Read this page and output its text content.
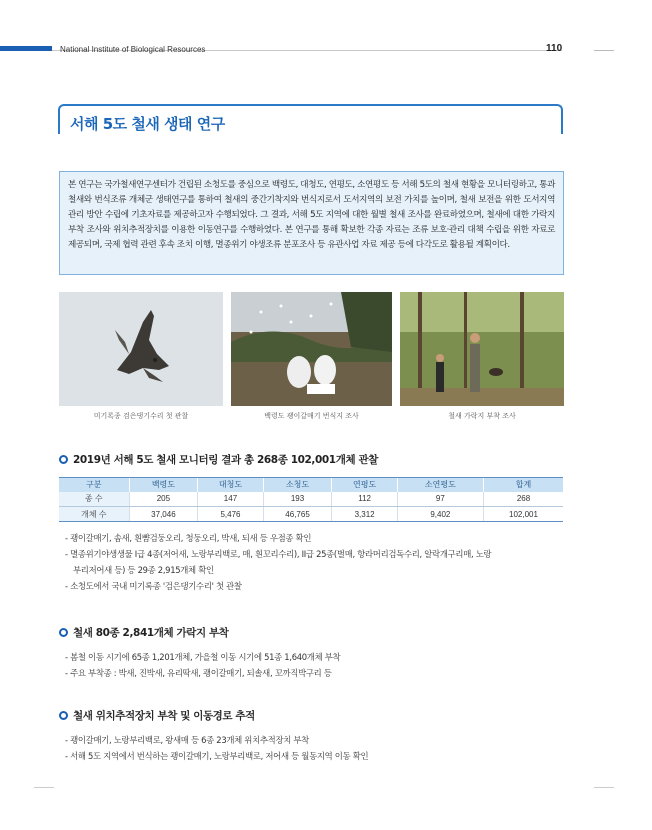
National Institute of Biological Resources	110
서해 5도 철새 생태 연구
본 연구는 국가철새연구센터가 건립된 소청도를 중심으로 백령도, 대청도, 연평도, 소연평도 등 서해 5도의 철새 현황을 모니터링하고, 통과철새와 번식조류 개체군 생태연구를 통하여 철새의 중간기착지와 번식지로서 도서지역의 보전 가치를 높이며, 철새 보전을 위한 도서지역 관리 방안 수립에 기초자료를 제공하고자 수행되었다. 그 결과, 서해 5도 지역에 대한 월별 철새 조사를 완료하였으며, 철새에 대한 가락지 부착 조사와 위치추적장치를 이용한 이동연구를 수행하였다. 본 연구를 통해 확보한 각종 자료는 조류 보호·관리 대책 수립을 위한 자료로 제공되며, 국제 협력 관련 후속 조치 이행, 멸종위기 야생조류 분포조사 등 유관사업 자료 제공 등에 다각도로 활용될 계획이다.
미기록종 검은댕기수리 첫 관찰	백령도 괭이갈매기 번식지 조사	철새 가락지 부착 조사
2019년 서해 5도 철새 모니터링 결과 총 268종 102,001개체 관찰
구분	백령도	대청도	소청도	연평도	소연평도	합계
종 수	205	147	193	112	97	268
개체 수	37,046	5,476	46,765	3,312	9,402	102,001
- 괭이갈매기, 솜새, 흰뺨검둥오리, 청둥오리, 박새, 되새 등 우점종 확인
- 멸종위기야생생물 I급 4종(저어새, 노랑부리백로, 매, 흰꼬리수리), II급 25종(벌매, 항라머리검독수리, 알락개구리매, 노랑
부리저어새 등) 등 29종 2,915개체 확인
- 소청도에서 국내 미기록종 '검은댕기수리' 첫 관찰
철새 80종 2,841개체 가락지 부착
- 봄철 이동 시기에 65종 1,201개체, 가을철 이동 시기에 51종 1,640개체 부착
- 주요 부착종 : 박새, 진박새, 유리딱새, 괭이갈매기, 되솔새, 꼬까직박구리 등
철새 위치추적장치 부착 및 이동경로 추적
- 괭이갈매기, 노랑부리백로, 왕새매 등 6종 23개체 위치추적장치 부착
- 서해 5도 지역에서 번식하는 괭이갈매기, 노랑부리백로, 저어새 등 월동지역 이동 확인
